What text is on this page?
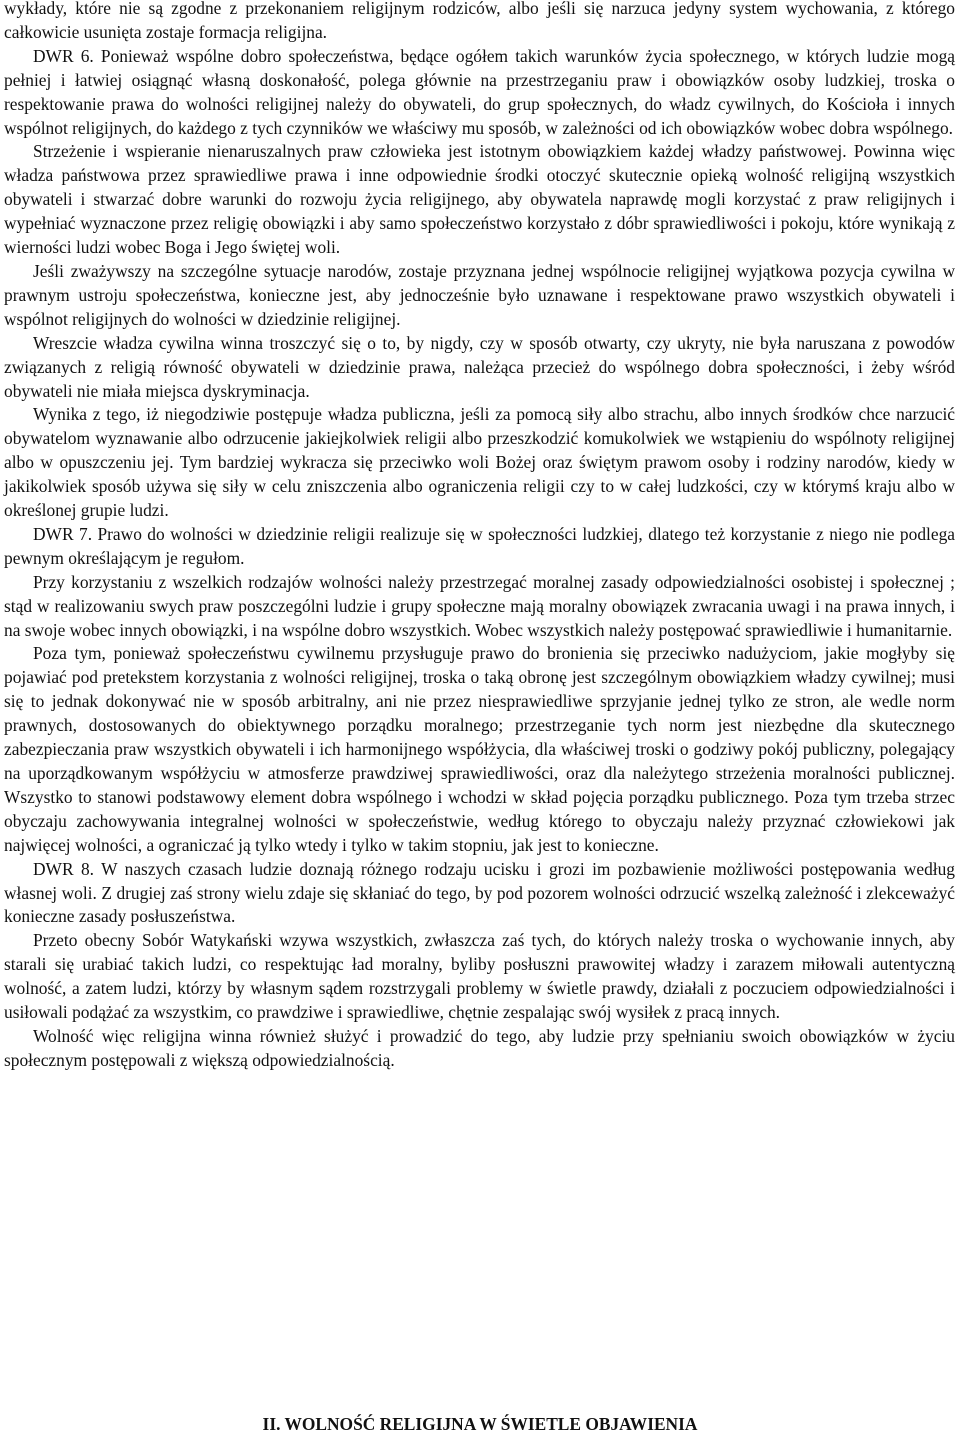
wykłady, które nie są zgodne z przekonaniem religijnym rodziców, albo jeśli się narzuca jedyny system wychowania, z którego całkowicie usunięta zostaje formacja religijna.

DWR 6. Ponieważ wspólne dobro społeczeństwa, będące ogółem takich warunków życia społecznego, w których ludzie mogą pełniej i łatwiej osiągnąć własną doskonałość, polega głównie na przestrzeganiu praw i obowiązków osoby ludzkiej, troska o respektowanie prawa do wolności religijnej należy do obywateli, do grup społecznych, do władz cywilnych, do Kościoła i innych wspólnot religijnych, do każdego z tych czynników we właściwy mu sposób, w zależności od ich obowiązków wobec dobra wspólnego.

Strzeżenie i wspieranie nienaruszalnych praw człowieka jest istotnym obowiązkiem każdej władzy państwowej. Powinna więc władza państwowa przez sprawiedliwe prawa i inne odpowiednie środki otoczyć skutecznie opieką wolność religijną wszystkich obywateli i stwarzać dobre warunki do rozwoju życia religijnego, aby obywatela naprawdę mogli korzystać z praw religijnych i wypełniać wyznaczone przez religię obowiązki i aby samo społeczeństwo korzystało z dóbr sprawiedliwości i pokoju, które wynikają z wierności ludzi wobec Boga i Jego świętej woli.

Jeśli zważywszy na szczególne sytuacje narodów, zostaje przyznana jednej wspólnocie religijnej wyjątkowa pozycja cywilna w prawnym ustroju społeczeństwa, konieczne jest, aby jednocześnie było uznawane i respektowane prawo wszystkich obywateli i wspólnot religijnych do wolności w dziedzinie religijnej.

Wreszcie władza cywilna winna troszczyć się o to, by nigdy, czy w sposób otwarty, czy ukryty, nie była naruszana z powodów związanych z religią równość obywateli w dziedzinie prawa, należąca przecież do wspólnego dobra społeczności, i żeby wśród obywateli nie miała miejsca dyskryminacja.

Wynika z tego, iż niegodziwie postępuje władza publiczna, jeśli za pomocą siły albo strachu, albo innych środków chce narzucić obywatelom wyznawanie albo odrzucenie jakiejkolwiek religii albo przeszkodzić komukolwiek we wstąpieniu do wspólnoty religijnej albo w opuszczeniu jej. Tym bardziej wykracza się przeciwko woli Bożej oraz świętym prawom osoby i rodziny narodów, kiedy w jakikolwiek sposób używa się siły w celu zniszczenia albo ograniczenia religii czy to w całej ludzkości, czy w którymś kraju albo w określonej grupie ludzi.

DWR 7. Prawo do wolności w dziedzinie religii realizuje się w społeczności ludzkiej, dlatego też korzystanie z niego nie podlega pewnym określającym je regułom.

Przy korzystaniu z wszelkich rodzajów wolności należy przestrzegać moralnej zasady odpowiedzialności osobistej i społecznej ; stąd w realizowaniu swych praw poszczególni ludzie i grupy społeczne mają moralny obowiązek zwracania uwagi i na prawa innych, i na swoje wobec innych obowiązki, i na wspólne dobro wszystkich. Wobec wszystkich należy postępować sprawiedliwie i humanitarnie.

Poza tym, ponieważ społeczeństwu cywilnemu przysługuje prawo do bronienia się przeciwko nadużyciom, jakie mogłyby się pojawiać pod pretekstem korzystania z wolności religijnej, troska o taką obronę jest szczególnym obowiązkiem władzy cywilnej; musi się to jednak dokonywać nie w sposób arbitralny, ani nie przez niesprawiedliwe sprzyjanie jednej tylko ze stron, ale wedle norm prawnych, dostosowanych do obiektywnego porządku moralnego; przestrzeganie tych norm jest niezbędne dla skutecznego zabezpieczania praw wszystkich obywateli i ich harmonijnego współżycia, dla właściwej troski o godziwy pokój publiczny, polegający na uporządkowanym współżyciu w atmosferze prawdziwej sprawiedliwości, oraz dla należytego strzeżenia moralności publicznej. Wszystko to stanowi podstawowy element dobra wspólnego i wchodzi w skład pojęcia porządku publicznego. Poza tym trzeba strzec obyczaju zachowywania integralnej wolności w społeczeństwie, według którego to obyczaju należy przyznać człowiekowi jak najwięcej wolności, a ograniczać ją tylko wtedy i tylko w takim stopniu, jak jest to konieczne.

DWR 8. W naszych czasach ludzie doznają różnego rodzaju ucisku i grozi im pozbawienie możliwości postępowania według własnej woli. Z drugiej zaś strony wielu zdaje się skłaniać do tego, by pod pozorem wolności odrzucić wszelką zależność i zlekceważyć konieczne zasady posłuszeństwa.

Przeto obecny Sobór Watykański wzywa wszystkich, zwłaszcza zaś tych, do których należy troska o wychowanie innych, aby starali się urabiać takich ludzi, co respektując ład moralny, byliby posłuszni prawowitej władzy i zarazem miłowali autentyczną wolność, a zatem ludzi, którzy by własnym sądem rozstrzygali problemy w świetle prawdy, działali z poczuciem odpowiedzialności i usiłowali podążać za wszystkim, co prawdziwe i sprawiedliwe, chętnie zespalając swój wysiłek z pracą innych.

Wolność więc religijna winna również służyć i prowadzić do tego, aby ludzie przy spełnianiu swoich obowiązków w życiu społecznym postępowali z większą odpowiedzialnością.

II. WOLNOŚĆ RELIGIJNA W ŚWIETLE OBJAWIENIA
